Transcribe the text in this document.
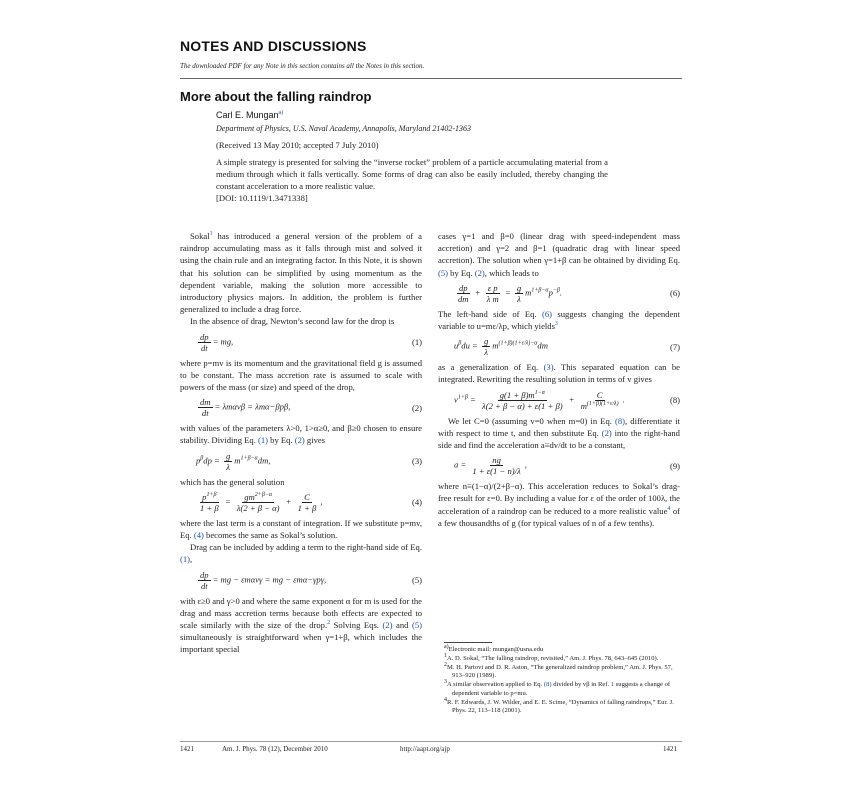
NOTES AND DISCUSSIONS
The downloaded PDF for any Note in this section contains all the Notes in this section.
More about the falling raindrop
Carl E. Mungan$^{a)}$
Department of Physics, U.S. Naval Academy, Annapolis, Maryland 21402-1363
(Received 13 May 2010; accepted 7 July 2010)
A simple strategy is presented for solving the “inverse rocket” problem of a particle accumulating material from a medium through which it falls vertically. Some forms of drag can also be easily included, thereby changing the constant acceleration to a more realistic value.
[DOI: 10.1119/1.3471338]

Sokal$^1$ has introduced a general version of the problem of a raindrop accumulating mass as it falls through mist and solved it using the chain rule and an integrating factor. In this Note, it is shown that his solution can be simplified by using momentum as the dependent variable, making the solution more accessible to introductory physics majors. In addition, the problem is further generalized to include a drag force.

In the absence of drag, Newton’s second law for the drop is

$\frac{dp}{dt}$ = mg,	(1)

where p=mv is its momentum and the gravitational field g is assumed to be constant. The mass accretion rate is assumed to scale with powers of the mass (or size) and speed of the drop,

$\frac{dm}{dt} = \lambda m\alpha v\beta = \lambda m\alpha-\beta p\beta$,	(2)

with values of the parameters λ>0, 1>α≥0, and β≥0 chosen to ensure stability. Dividing Eq. (1) by Eq. (2) gives

$p^\beta dp = \frac{g}{\lambda} m^{1+\beta-\alpha}dm$,	(3)

which has the general solution

$\frac{p^{1+\beta}}{1 + \beta} = \frac{gm^{2+\beta-\alpha}}{\lambda(2 + \beta - \alpha)} + \frac{C}{1 + \beta}$ ,	(4)

where the last term is a constant of integration. If we substitute p=mv, Eq. (4) becomes the same as Sokal’s solution.

Drag can be included by adding a term to the right-hand side of Eq. (1),

$\frac{dp}{dt}$ = mg − εmαvγ = mg − εmα−γpγ,	(5)

with ε≥0 and γ>0 and where the same exponent α for m is used for the drag and mass accretion terms because both effects are expected to scale similarly with the size of the drop.$^2$ Solving Eqs. (2) and (5) simultaneously is straightforward when γ=1+β, which includes the important special

cases γ=1 and β=0 (linear drag with speed-independent mass accretion) and γ=2 and β=1 (quadratic drag with linear speed accretion). The solution when γ=1+β can be obtained by dividing Eq. (5) by Eq. (2), which leads to

$\frac{dp}{dm} + \frac{\text{ε p}}{\text{λ m}} = \frac{g}{\lambda} m^{1+\beta-\alpha}p^{-\beta}$.	(6)

The left-hand side of Eq. (6) suggests changing the dependent variable to u=mε/λp, which yields$^3$

$u^\beta du = \frac{g}{\lambda} m^{(1+\beta)(1+\varepsilon/\lambda)-\alpha}dm$	(7)

as a generalization of Eq. (3). This separated equation can be integrated. Rewriting the resulting solution in terms of v gives

$v^{1+\beta} = \frac{g(1 + \beta)m^{1-\alpha}}{\lambda(2 + \beta - \alpha) + \varepsilon(1 + \beta)} + \frac{C}{m^{(1+\beta)(1+\varepsilon/\lambda)}}$ .	(8)

We let C=0 (assuming v=0 when m=0) in Eq. (8), differentiate it with respect to time t, and then substitute Eq. (2) into the right-hand side and find the acceleration a≡dv/dt to be a constant,

$a = \frac{ng}{1 + \varepsilon(1 - n)/\lambda}$ ,	(9)

where n≡(1−α)/(2+β−α). This acceleration reduces to Sokal’s drag-free result for ε=0. By including a value for ε of the order of 100λ, the acceleration of a raindrop can be reduced to a more realistic value$^4$ of a few thousandths of g (for typical values of n of a few tenths).

$^{a)}$Electronic mail: mungan@usna.edu

$^1$A. D. Sokal, “The falling raindrop, revisited,” Am. J. Phys. 78, 643–645 (2010).

$^2$M. H. Partovi and D. R. Aston, “The generalized raindrop problem,” Am. J. Phys. 57, 913–920 (1989).

$^3$A similar observation applied to Eq. (8) divided by vβ in Ref. 1 suggests a change of dependent variable to p=mu.

$^4$R. F. Edwards, J. W. Wilder, and E. E. Scime, “Dynamics of falling raindrops,” Eur. J. Phys. 22, 113–118 (2001).

1421	Am. J. Phys. 78 (12), December 2010	http://aapt.org/ajp	1421
